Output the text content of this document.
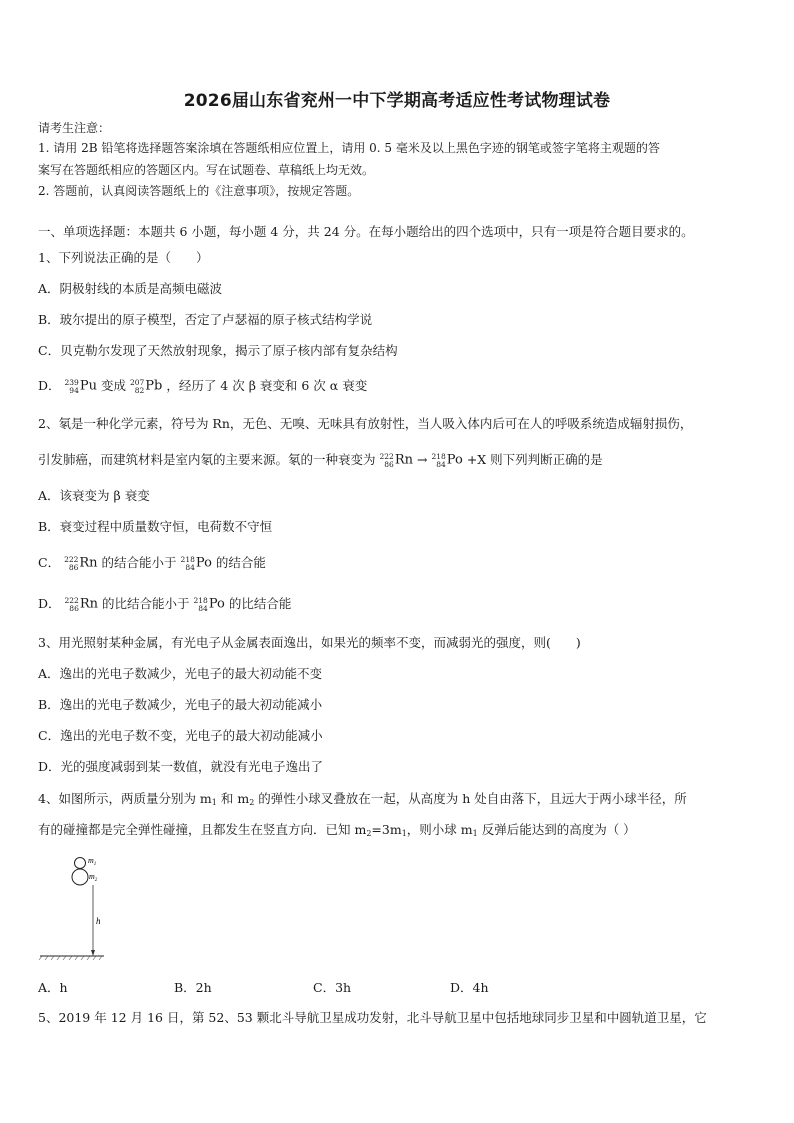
2026届山东省兖州一中下学期高考适应性考试物理试卷
请考生注意：
1. 请用 2B 铅笔将选择题答案涂填在答题纸相应位置上，请用 0. 5 毫米及以上黑色字迹的钢笔或签字笔将主观题的答
案写在答题纸相应的答题区内。写在试题卷、草稿纸上均无效。
2. 答题前，认真阅读答题纸上的《注意事项》，按规定答题。
一、单项选择题：本题共 6 小题，每小题 4 分，共 24 分。在每小题给出的四个选项中，只有一项是符合题目要求的。
1、下列说法正确的是（　　）
A．阴极射线的本质是高频电磁波
B．玻尔提出的原子模型，否定了卢瑟福的原子核式结构学说
C．贝克勒尔发现了天然放射现象，揭示了原子核内部有复杂结构
D． 239
94 Pu 变成 207
82 Pb ，经历了 4 次 β 衰变和 6 次 α 衰变
2、氡是一种化学元素，符号为 Rn，无色、无嗅、无味具有放射性，当人吸入体内后可在人的呼吸系统造成辐射损伤，
引发肺癌，而建筑材料是室内氡的主要来源。氡的一种衰变为 222
86 Rn → 218
84 Po +X 则下列判断正确的是
A．该衰变为 β 衰变
B．衰变过程中质量数守恒，电荷数不守恒
C． 222
86 Rn 的结合能小于 218
84 Po 的结合能
D． 222
86 Rn 的比结合能小于 218
84 Po 的比结合能
3、用光照射某种金属，有光电子从金属表面逸出，如果光的频率不变，而减弱光的强度，则(　　)
A．逸出的光电子数减少，光电子的最大初动能不变
B．逸出的光电子数减少，光电子的最大初动能减小
C．逸出的光电子数不变，光电子的最大初动能减小
D．光的强度减弱到某一数值，就没有光电子逸出了
4、如图所示，两质量分别为 $m_1$ 和 $m_2$ 的弹性小球叉叠放在一起，从高度为 h 处自由落下，且远大于两小球半径，所
有的碰撞都是完全弹性碰撞，且都发生在竖直方向．已知 $m_2=3m_1$，则小球 $m_1$ 反弹后能达到的高度为（ ）
$m_1$
$m_2$
h
A．h	B．2h	C．3h	D．4h
5、2019 年 12 月 16 日，第 52、53 颗北斗导航卫星成功发射，北斗导航卫星中包括地球同步卫星和中圆轨道卫星，它
